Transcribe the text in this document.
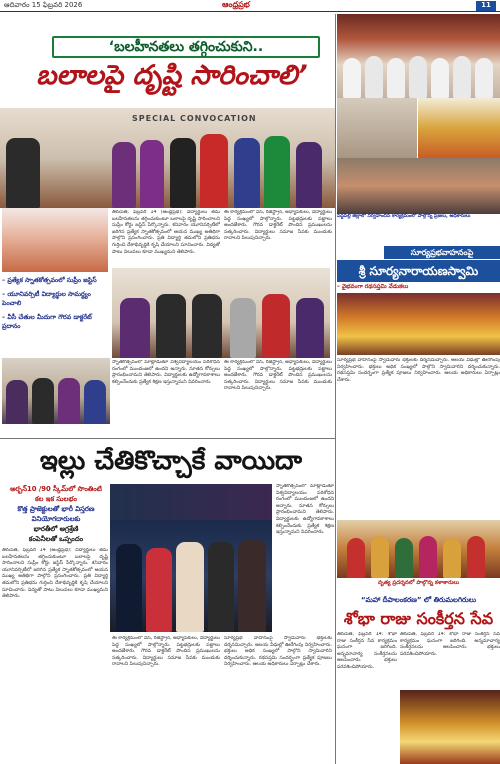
ఆదివారం 15 ఫిబ్రవరి 2026	ఆంధ్రప్రభ	11
‘బలహీనతలు తగ్గించుకుని..
బలాలపై దృష్టి సారించాలి’
SPECIAL CONVOCATION
– ప్రత్యేక స్నాతకోత్సవంలో సుప్రీం జస్టిస్
– యూనివర్సిటీ విద్యార్థుల సామర్థ్యం పెంచాలి
– వీసీ చేతుల మీదుగా గౌరవ డాక్టరేట్ ప్రదానం
తిరుపతి, ఫిబ్రవరి 14 (ఆంధ్రప్రభ): విద్యార్థులు తమ బలహీనతలను తగ్గించుకుంటూ బలాలపై దృష్టి సారించాలని సుప్రీం కోర్టు జస్టిస్ పేర్కొన్నారు. శనివారం యూనివర్సిటీలో జరిగిన ప్రత్యేక స్నాతకోత్సవంలో ఆయన ముఖ్య అతిథిగా పాల్గొని ప్రసంగించారు. ప్రతి విద్యార్థి తమలోని ప్రతిభను గుర్తించి దేశాభివృద్ధికి కృషి చేయాలని సూచించారు. విద్యతో పాటు విలువలు కూడా ముఖ్యమని తెలిపారు.
ఈ కార్యక్రమంలో వీసీ, రిజిస్ట్రార్, అధ్యాపకులు, విద్యార్థులు పెద్ద సంఖ్యలో పాల్గొన్నారు. పట్టభద్రులకు పట్టాలు అందజేశారు. గౌరవ డాక్టరేట్ పొందిన ప్రముఖులను సత్కరించారు. విద్యార్థులు సమాజ సేవకు ముందుకు రావాలని పిలుపునిచ్చారు.
స్నాతకోత్సవంలో మాట్లాడుతూ విశ్వవిద్యాలయం పరిశోధన రంగంలో ముందంజలో ఉందని అన్నారు. నూతన కోర్సులు ప్రారంభించామని తెలిపారు. విద్యార్థులకు ఉద్యోగావకాశాలు కల్పించేందుకు ప్రత్యేక శిక్షణ ఇస్తున్నామని వివరించారు.
ఈ కార్యక్రమంలో వీసీ, రిజిస్ట్రార్, అధ్యాపకులు, విద్యార్థులు పెద్ద సంఖ్యలో పాల్గొన్నారు. పట్టభద్రులకు పట్టాలు అందజేశారు. గౌరవ డాక్టరేట్ పొందిన ప్రముఖులను సత్కరించారు. విద్యార్థులు సమాజ సేవకు ముందుకు రావాలని పిలుపునిచ్చారు.
ఇల్లు చేతికొచ్చాకే వాయిదా
అర్బన్10 /90 స్కీమ్‌లో సొంతింటి
కల ఇక సులభం
కొత్త ప్రాజెక్టులతో భారీ విస్తరణ
వినియోగదారులకు
భారతీలో అగ్రశ్రేణి
కంపెనీలతో ఒప్పందం
స్నాతకోత్సవంలో మాట్లాడుతూ విశ్వవిద్యాలయం పరిశోధన రంగంలో ముందంజలో ఉందని అన్నారు. నూతన కోర్సులు ప్రారంభించామని తెలిపారు. విద్యార్థులకు ఉద్యోగావకాశాలు కల్పించేందుకు ప్రత్యేక శిక్షణ ఇస్తున్నామని వివరించారు.
తిరుపతి, ఫిబ్రవరి 14 (ఆంధ్రప్రభ): విద్యార్థులు తమ బలహీనతలను తగ్గించుకుంటూ బలాలపై దృష్టి సారించాలని సుప్రీం కోర్టు జస్టిస్ పేర్కొన్నారు. శనివారం యూనివర్సిటీలో జరిగిన ప్రత్యేక స్నాతకోత్సవంలో ఆయన ముఖ్య అతిథిగా పాల్గొని ప్రసంగించారు. ప్రతి విద్యార్థి తమలోని ప్రతిభను గుర్తించి దేశాభివృద్ధికి కృషి చేయాలని సూచించారు. విద్యతో పాటు విలువలు కూడా ముఖ్యమని తెలిపారు.
ఈ కార్యక్రమంలో వీసీ, రిజిస్ట్రార్, అధ్యాపకులు, విద్యార్థులు పెద్ద సంఖ్యలో పాల్గొన్నారు. పట్టభద్రులకు పట్టాలు అందజేశారు. గౌరవ డాక్టరేట్ పొందిన ప్రముఖులను సత్కరించారు. విద్యార్థులు సమాజ సేవకు ముందుకు రావాలని పిలుపునిచ్చారు.
సూర్యప్రభ వాహనంపై స్వామివారు భక్తులకు దర్శనమిచ్చారు. ఆలయ వీధుల్లో ఊరేగింపు నిర్వహించారు. భక్తులు అధిక సంఖ్యలో పాల్గొని స్వామివారిని దర్శించుకున్నారు. రథసప్తమి సందర్భంగా ప్రత్యేక పూజలు నిర్వహించారు. ఆలయ అధికారులు ఏర్పాట్లు చేశారు.
పెద్దపల్లి జిల్లాలో నిర్వహించిన కార్యక్రమంలో పాల్గొన్న ప్రజలు, అధికారులు
సూర్యప్రభవాహనంపై
శ్రీ సూర్యనారాయణస్వామి
– వైభవంగా రథసప్తమి వేడుకలు
సూర్యప్రభ వాహనంపై స్వామివారు భక్తులకు దర్శనమిచ్చారు. ఆలయ వీధుల్లో ఊరేగింపు నిర్వహించారు. భక్తులు అధిక సంఖ్యలో పాల్గొని స్వామివారిని దర్శించుకున్నారు. రథసప్తమి సందర్భంగా ప్రత్యేక పూజలు నిర్వహించారు. ఆలయ అధికారులు ఏర్పాట్లు చేశారు.
నృత్య ప్రదర్శనలో పాల్గొన్న కళాకారులు
“మహా దీపాలంకరణ” లో తిరుమలగిరులు
శోభా రాజు సంకీర్తన సేవ
తిరుపతి, ఫిబ్రవరి 14: శోభా రాజు సంకీర్తన సేవ కార్యక్రమం ఘనంగా జరిగింది. అన్నమాచార్య సంకీర్తనలను ఆలపించారు. భక్తులు పరవశించిపోయారు.
తిరుపతి, ఫిబ్రవరి 14: శోభా రాజు సంకీర్తన సేవ కార్యక్రమం ఘనంగా జరిగింది. అన్నమాచార్య సంకీర్తనలను ఆలపించారు. భక్తులు పరవశించిపోయారు.
